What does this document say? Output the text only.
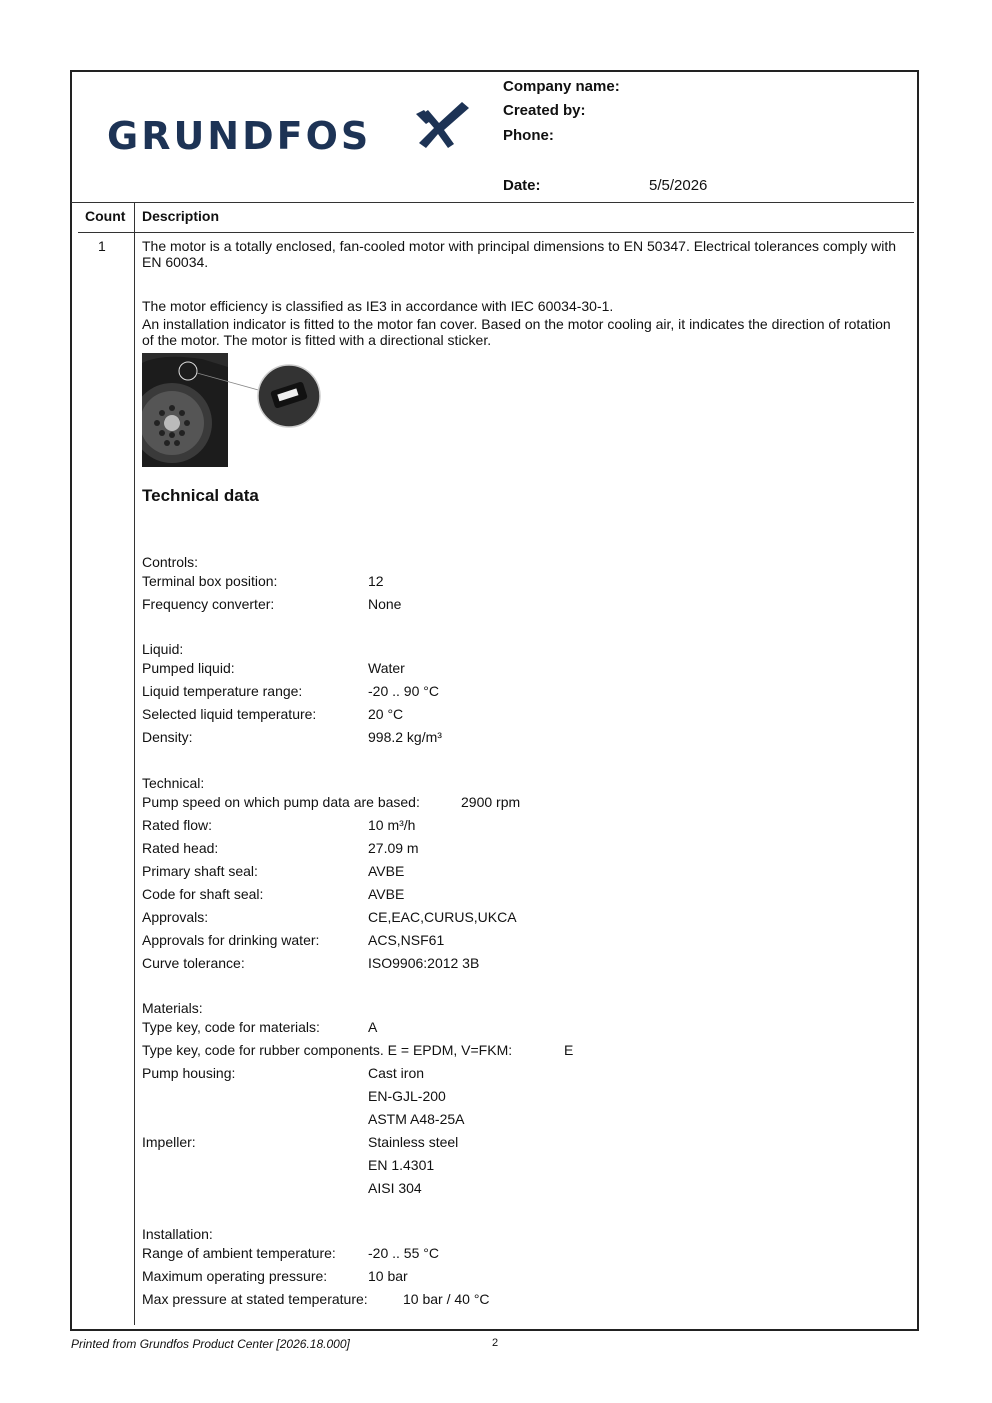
GRUNDFOS
Company name:
Created by:
Phone:
Date:	5/5/2026
Count Description
1	The motor is a totally enclosed, fan-cooled motor with principal dimensions to EN 50347. Electrical tolerances comply with EN 60034.
The motor efficiency is classified as IE3 in accordance with IEC 60034-30-1.
An installation indicator is fitted to the motor fan cover. Based on the motor cooling air, it indicates the direction of rotation of the motor. The motor is fitted with a directional sticker.
Technical data
Controls:
Terminal box position:	12
Frequency converter:	None
Liquid:
Pumped liquid:	Water
Liquid temperature range:	-20 .. 90 °C
Selected liquid temperature:	20 °C
Density:	998.2 kg/m³
Technical:
Pump speed on which pump data are based:	2900 rpm
Rated flow:	10 m³/h
Rated head:	27.09 m
Primary shaft seal:	AVBE
Code for shaft seal:	AVBE
Approvals:	CE,EAC,CURUS,UKCA
Approvals for drinking water:	ACS,NSF61
Curve tolerance:	ISO9906:2012 3B
Materials:
Type key, code for materials:	A
Type key, code for rubber components. E = EPDM, V=FKM:	E
Pump housing:	Cast iron
EN-GJL-200
ASTM A48-25A
Impeller:	Stainless steel
EN 1.4301
AISI 304
Installation:
Range of ambient temperature: -20 .. 55 °C
Maximum operating pressure:	10 bar
Max pressure at stated temperature:	10 bar / 40 °C
Printed from Grundfos Product Center [2026.18.000]	2
